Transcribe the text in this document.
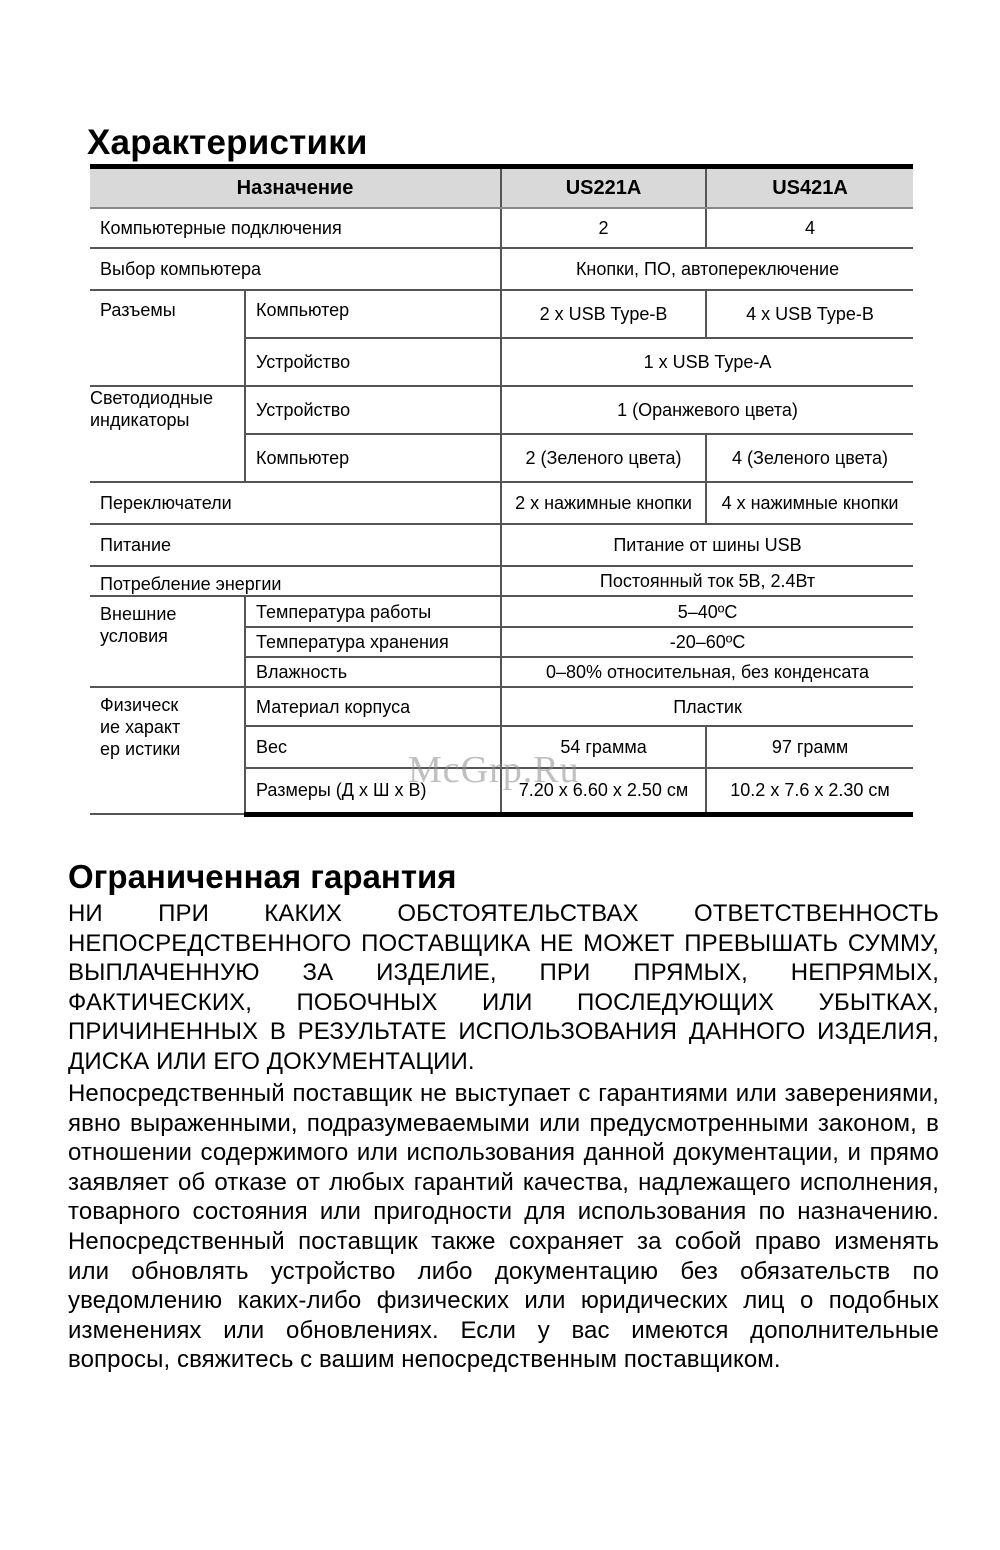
Характеристики
Назначение		US221A	US421A
Компьютерные подключения		2	4
Выбор компьютера		Кнопки, ПО, автопереключение	
Разъемы	Компьютер	2 x USB Type-B	4 x USB Type-B
	Устройство	1 x USB Type-A	
Светодиодные индикаторы	Устройство	1 (Оранжевого цвета)	
	Компьютер	2 (Зеленого цвета)	4 (Зеленого цвета)
Переключатели		2 x нажимные кнопки	4 x нажимные кнопки
Питание		Питание от шины USB	
Потребление энергии		Постоянный ток 5В, 2.4Вт	
Внешние условия	Температура работы	5–40ºC	
	Температура хранения	-20–60ºC	
	Влажность	0–80% относительная, без конденсата	
Физическ ие характер истики	Материал корпуса	Пластик	
	Вес	54 грамма	97 грамм
	Размеры (Д x Ш x В)	7.20 x 6.60 x 2.50 см	10.2 x 7.6 x 2.30 см
McGrp.Ru
Ограниченная гарантия
НИ ПРИ КАКИХ ОБСТОЯТЕЛЬСТВАХ ОТВЕТСТВЕННОСТЬ НЕПОСРЕДСТВЕННОГО ПОСТАВЩИКА НЕ МОЖЕТ ПРЕВЫШАТЬ СУММУ, ВЫПЛАЧЕННУЮ ЗА ИЗДЕЛИЕ, ПРИ ПРЯМЫХ, НЕПРЯМЫХ, ФАКТИЧЕСКИХ, ПОБОЧНЫХ ИЛИ ПОСЛЕДУЮЩИХ УБЫТКАХ, ПРИЧИНЕННЫХ В РЕЗУЛЬТАТЕ ИСПОЛЬЗОВАНИЯ ДАННОГО ИЗДЕЛИЯ, ДИСКА ИЛИ ЕГО ДОКУМЕНТАЦИИ.
Непосредственный поставщик не выступает с гарантиями или заверениями, явно выраженными, подразумеваемыми или предусмотренными законом, в отношении содержимого или использования данной документации, и прямо заявляет об отказе от любых гарантий качества, надлежащего исполнения, товарного состояния или пригодности для использования по назначению. Непосредственный поставщик также сохраняет за собой право изменять или обновлять устройство либо документацию без обязательств по уведомлению каких-либо физических или юридических лиц о подобных изменениях или обновлениях. Если у вас имеются дополнительные вопросы, свяжитесь с вашим непосредственным поставщиком.
